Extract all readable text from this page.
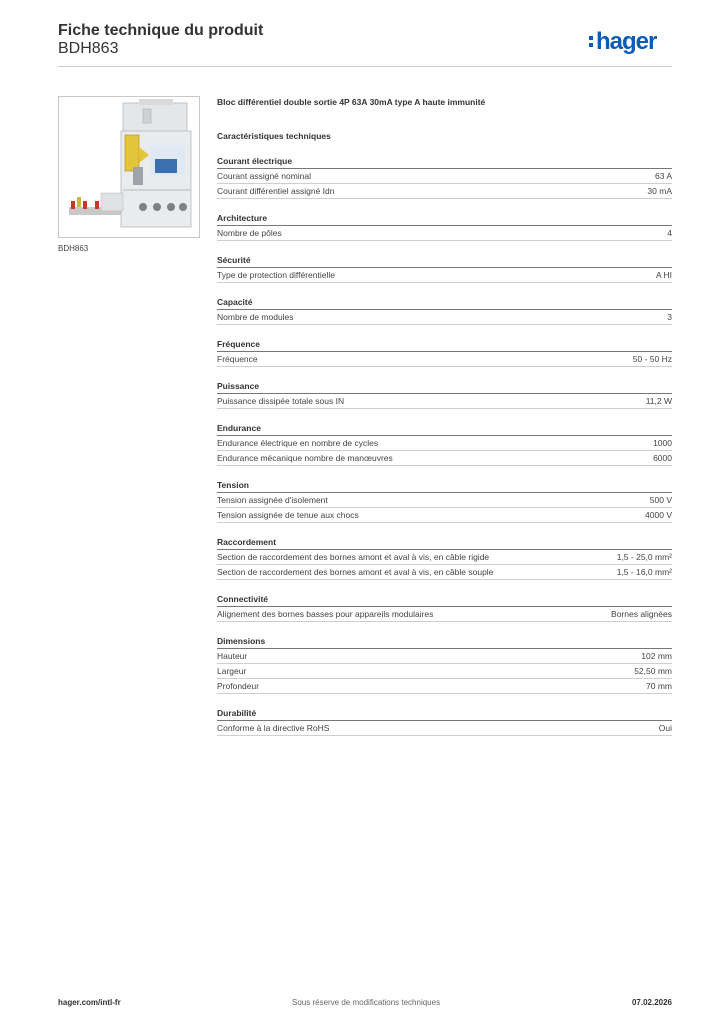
Fiche technique du produit
BDH863	hager
BDH863
Bloc différentiel double sortie 4P 63A 30mA type A haute immunité
Caractéristiques techniques
Courant électrique
Courant assigné nominal	63 A
Courant différentiel assigné Idn	30 mA
Architecture
Nombre de pôles	4
Sécurité
Type de protection différentielle	A HI
Capacité
Nombre de modules	3
Fréquence
Fréquence	50 - 50 Hz
Puissance
Puissance dissipée totale sous IN	11,2 W
Endurance
Endurance électrique en nombre de cycles	1000
Endurance mécanique nombre de manœuvres	6000
Tension
Tension assignée d'isolement	500 V
Tension assignée de tenue aux chocs	4000 V
Raccordement
Section de raccordement des bornes amont et aval à vis, en câble rigide	1,5 - 25,0 mm²
Section de raccordement des bornes amont et aval à vis, en câble souple	1,5 - 16,0 mm²
Connectivité
Alignement des bornes basses pour appareils modulaires	Bornes alignées
Dimensions
Hauteur	102 mm
Largeur	52,50 mm
Profondeur	70 mm
Durabilité
Conforme à la directive RoHS	Oui
hager.com/intl-fr	Sous réserve de modifications techniques	07.02.2026
